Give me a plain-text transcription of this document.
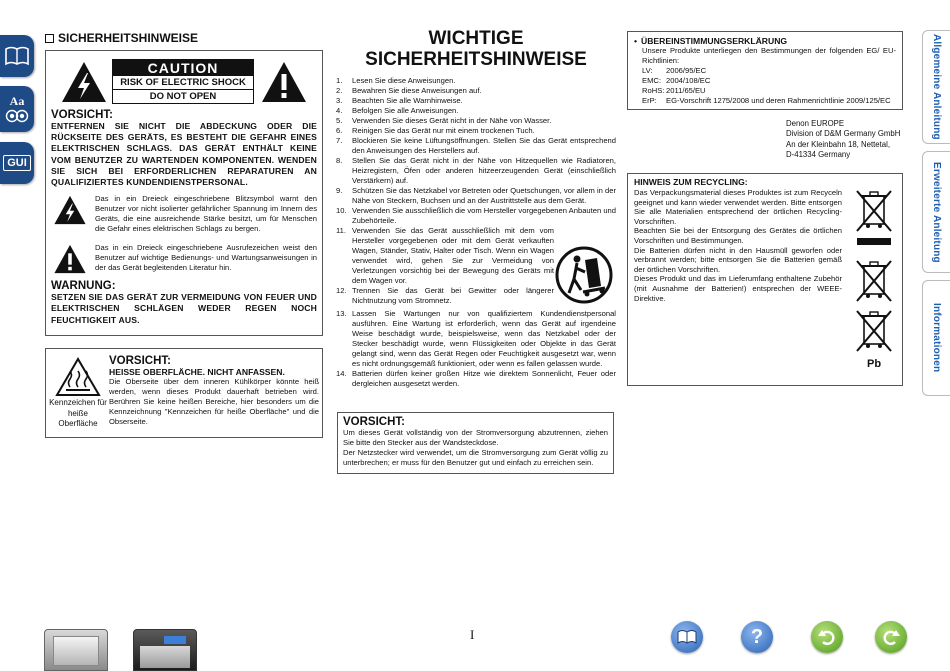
Aa
GUI
Allgemeine Anleitung
Erweiterte Anleitung
Informationen
SICHERHEITSHINWEISE
CAUTION
RISK OF ELECTRIC SHOCK
DO NOT OPEN
VORSICHT:
ENTFERNEN SIE NICHT DIE ABDECKUNG ODER DIE RÜCKSEITE DES GERÄTS, ES BESTEHT DIE GEFAHR EINES ELEKTRISCHEN SCHLAGS. DAS GERÄT ENTHÄLT KEINE VOM BENUTZER ZU WARTENDEN KOMPONENTEN. WENDEN SIE SICH BEI ERFORDERLICHEN REPARATUREN AN QUALIFIZIERTES KUNDENDIENSTPERSONAL.
Das in ein Dreieck eingeschriebene Blitzsymbol warnt den Benutzer vor nicht isolierter gefährlicher Spannung im Innern des Geräts, die eine ausreichende Stärke besitzt, um für Menschen die Gefahr eines elektrischen Schlags zu bergen.
Das in ein Dreieck eingeschriebene Ausrufezeichen weist den Benutzer auf wichtige Bedienungs- und Wartungsanweisungen in der das Gerät begleitenden Literatur hin.
WARNUNG:
SETZEN SIE DAS GERÄT ZUR VERMEIDUNG VON FEUER UND ELEKTRISCHEN SCHLÄGEN WEDER REGEN NOCH FEUCHTIGKEIT AUS.
Kennzeichen für heiße Oberfläche
VORSICHT:
HEISSE OBERFLÄCHE. NICHT ANFASSEN.
Die Oberseite über dem inneren Kühlkörper könnte heiß werden, wenn dieses Produkt dauerhaft betrieben wird. Berühren Sie keine heißen Bereiche, hier besonders um die Kennzeichnung "Kennzeichen für heiße Oberfläche" und die Obserseite.
WICHTIGE
SICHERHEITSHINWEISE
1.	Lesen Sie diese Anweisungen.
2.	Bewahren Sie diese Anweisungen auf.
3.	Beachten Sie alle Warnhinweise.
4.	Befolgen Sie alle Anweisungen.
5.	Verwenden Sie dieses Gerät nicht in der Nähe von Wasser.
6.	Reinigen Sie das Gerät nur mit einem trockenen Tuch.
7.	Blockieren Sie keine Lüftungsöffnungen. Stellen Sie das Gerät entsprechend den Anweisungen des Herstellers auf.
8.	Stellen Sie das Gerät nicht in der Nähe von Hitzequellen wie Radiatoren, Heizregistern, Öfen oder anderen hitzeerzeugenden Gerät (einschließlich Verstärkern) auf.
9.	Schützen Sie das Netzkabel vor Betreten oder Quetschungen, vor allem in der Nähe von Steckern, Buchsen und an der Austrittstelle aus dem Gerät.
10. Verwenden Sie ausschließlich die vom Hersteller vorgegebenen Anbauten und Zubehörteile.
11. Verwenden Sie das Gerät ausschließlich mit dem vom Hersteller vorgegebenen oder mit dem Gerät verkauften Wagen, Ständer, Stativ, Halter oder Tisch. Wenn ein Wagen verwendet wird, gehen Sie zur Vermeidung von Verletzungen vorsichtig bei der Bewegung des Geräts mit dem Wagen vor.
12. Trennen Sie das Gerät bei Gewitter oder längerer Nichtnutzung vom Stromnetz.
13. Lassen Sie Wartungen nur von qualifiziertem Kundendienstpersonal ausführen. Eine Wartung ist erforderlich, wenn das Gerät auf irgendeine Weise beschädigt wurde, beispielsweise, wenn das Netzkabel oder der Stecker beschädigt wurde, wenn Flüssigkeiten oder Objekte in das Gerät gelangt sind, wenn das Gerät Regen oder Feuchtigkeit ausgesetzt war, wenn es nicht ordnungsgemäß funktioniert, oder wenn es fallen gelassen wurde.
14. Batterien dürfen keiner großen Hitze wie direktem Sonnenlicht, Feuer oder dergleichen ausgesetzt werden.
VORSICHT:
Um dieses Gerät vollständig von der Stromversorgung abzutrennen, ziehen Sie bitte den Stecker aus der Wandsteckdose.
Der Netzstecker wird verwendet, um die Stromversorgung zum Gerät völlig zu unterbrechen; er muss für den Benutzer gut und einfach zu erreichen sein.
• ÜBEREINSTIMMUNGSERKLÄRUNG
Unsere Produkte unterliegen den Bestimmungen der folgenden EG/ EU-Richtlinien:
LV:	2006/95/EC
EMC: 2004/108/EC
RoHS: 2011/65/EU
ErP:	EG-Vorschrift 1275/2008 und deren Rahmenrichtlinie 2009/125/EC
Denon EUROPE
Division of D&M Germany GmbH
An der Kleinbahn 18, Nettetal,
D-41334 Germany
HINWEIS ZUM RECYCLING:
Das Verpackungsmaterial dieses Produktes ist zum Recyceln geeignet und kann wieder verwendet werden. Bitte entsorgen Sie alle Materialien entsprechend der örtlichen Recycling-Vorschriften.
Beachten Sie bei der Entsorgung des Gerätes die örtlichen Vorschriften und Bestimmungen.
Die Batterien dürfen nicht in den Hausmüll geworfen oder verbrannt werden; bitte entsorgen Sie die Batterien gemäß der örtlichen Vorschriften.
Dieses Produkt und das im Lieferumfang enthaltene Zubehör (mit Ausnahme der Batterien!) entsprechen der WEEE-Direktive.
Pb
I	?
